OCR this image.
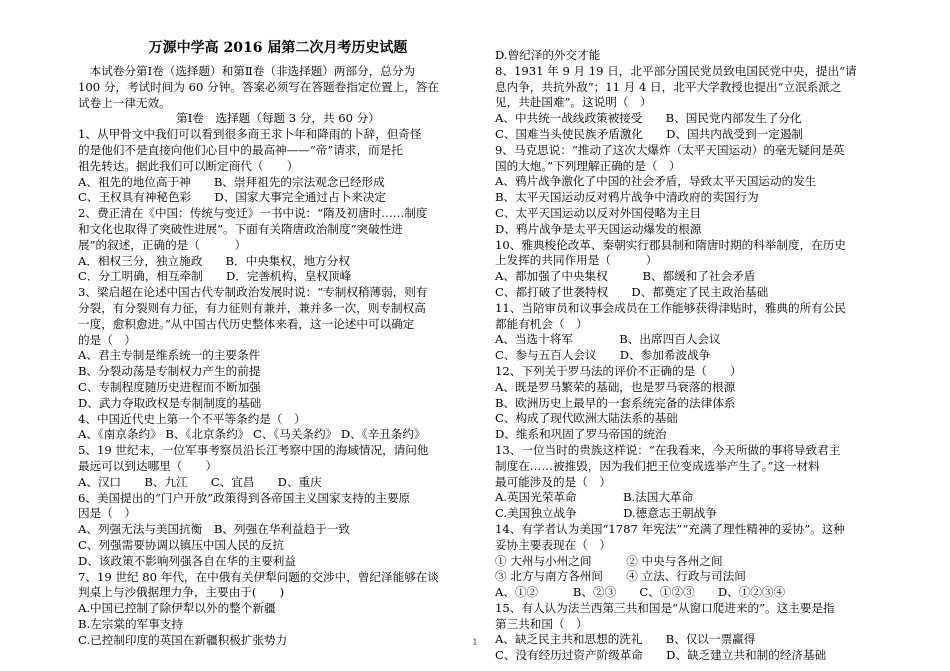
万源中学高 2016 届第二次月考历史试题
　本试卷分第Ⅰ卷（选择题）和第Ⅱ卷（非选择题）两部分，总分为
100 分，考试时间为 60 分钟。答案必须写在答题卷指定位置上，答在
试卷上一律无效。
第Ⅰ卷　选择题（每题 3 分，共 60 分）
1、从甲骨文中我们可以看到很多商王求卜年和降雨的卜辞，但奇怪
的是他们不是直接向他们心目中的最高神——“帝”请求，而是托
祖先转达。据此我们可以断定商代（　　）
A、祖先的地位高于神　　B、崇拜祖先的宗法观念已经形成
C、王权具有神秘色彩　　D、国家大事完全通过占卜来决定
2、费正清在《中国：传统与变迁》一书中说：“隋及初唐时……制度
和文化也取得了突破性进展”。下面有关隋唐政治制度“突破性进
展”的叙述，正确的是（　　　）
A．相权三分，独立施政　　B．中央集权，地方分权
C．分工明确，相互牵制　　D．完善机构，皇权顶峰
3、梁启超在论述中国古代专制政治发展时说：“专制权稍薄弱，则有
分裂，有分裂则有力征，有力征则有兼并，兼并多一次，则专制权高
一度，愈积愈进。”从中国古代历史整体来看，这一论述中可以确定
的是（　）
A、君主专制是维系统一的主要条件
B、分裂动荡是专制权力产生的前提
C、专制程度随历史进程而不断加强
D、武力夺取政权是专制制度的基础
4、中国近代史上第一个不平等条约是（　）
A、《南京条约》 B、《北京条约》 C、《马关条约》 D、《辛丑条约》
5、19 世纪末，一位军事考察员沿长江考察中国的海域情况，请问他
最远可以到达哪里（　　）
A、汉口　　B、九江　　C、宜昌　　D、重庆
6、美国提出的“门户开放”政策得到各帝国主义国家支持的主要原
因是（　）
A、列强无法与美国抗衡　B、列强在华利益趋于一致
C、列强需要协调以镇压中国人民的反抗
D、该政策不影响列强各自在华的主要利益
7、19 世纪 80 年代，在中俄有关伊犁问题的交涉中，曾纪泽能够在谈
判桌上与沙俄据理力争，主要由于(　　)
A.中国已控制了除伊犁以外的整个新疆
B.左宗棠的军事支持
C.已控制印度的英国在新疆积极扩张势力
D.曾纪泽的外交才能
8、1931 年 9 月 19 日，北平部分国民党员致电国民党中央，提出“请
息内争，共抗外敌”；11 月 4 日，北平大学教授也提出“立泯系派之
见，共赴国难”。这说明（　）
A、中共统一战线政策被接受　　B、国民党内部发生了分化
C、国难当头使民族矛盾激化　　D、国共内战受到一定遏制
9、马克思说：“推动了这次大爆炸（太平天国运动）的毫无疑问是英
国的大炮。”下列理解正确的是（　）
A、鸦片战争激化了中国的社会矛盾，导致太平天国运动的发生
B、太平天国运动反对鸦片战争中清政府的卖国行为
C、太平天国运动以反对外国侵略为主目
D、鸦片战争是太平天国运动爆发的根源
10、雅典梭伦改革、秦朝实行郡县制和隋唐时期的科举制度，在历史
上发挥的共同作用是（　　　）
A、都加强了中央集权　　　B、都缓和了社会矛盾
C、都打破了世袭特权　　D、都奠定了民主政治基础
11、当陪审员和议事会成员在工作能够获得津贴时，雅典的所有公民
都能有机会（　）
A、当选十将军　　　　B、出席四百人会议
C、参与五百人会议　　D、参加希波战争
12、下列关于罗马法的评价不正确的是（　　）
A、既是罗马繁荣的基础，也是罗马衰落的根源
B、欧洲历史上最早的一套系统完备的法律体系
C、构成了现代欧洲大陆法系的基础
D、维系和巩固了罗马帝国的统治
13、一位当时的贵族这样说：“在我看来，今天所做的事将导致君主
制度在……被推毁，因为我们把王位变成选举产生了。”这一材料
最可能涉及的是（　）
A.英国光荣革命　　　　B.法国大革命
C.美国独立战争　　　　D.德意志王朝战争
14、有学者认为美国“1787 年宪法”“充满了理性精神的妥协”。这种
妥协主要表现在（　）
① 大州与小州之间　　　② 中央与各州之间
③ 北方与南方各州间　　④ 立法、行政与司法间
A、①②　　　B、②③　　C、①②③　　D、①②③④
15、有人认为法兰西第三共和国是“从窗口爬进来的”。这主要是指
第三共和国（　）
A、缺乏民主共和思想的洗礼　　B、仅以一票赢得
C、没有经历过资产阶级革命　　D、缺乏建立共和制的经济基础
1
